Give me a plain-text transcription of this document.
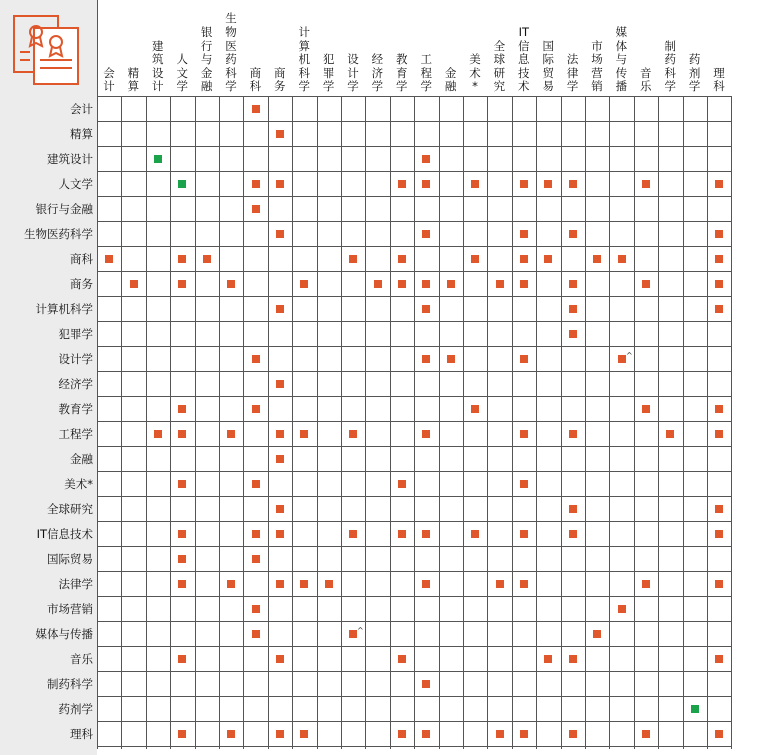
会
计
精
算
建
筑
设
计
人
文
学
银
行
与
金
融
生
物
医
药
科
学
商
科
商
务
计
算
机
科
学
犯
罪
学
设
计
学
经
济
学
教
育
学
工
程
学
金
融
美
术
*
全
球
研
究
IT
信
息
技
术
国
际
贸
易
法
律
学
市
场
营
销
媒
体
与
传
播
音
乐
制
药
科
学
药
剂
学
理
科
会计
精算
建筑设计
人文学
银行与金融
生物医药科学
商科
商务
计算机科学
犯罪学
设计学	^
经济学
教育学
工程学
金融
美术*
全球研究
IT信息技术
国际贸易
法律学
市场营销
媒体与传播	^
音乐
制药科学
药剂学
理科
